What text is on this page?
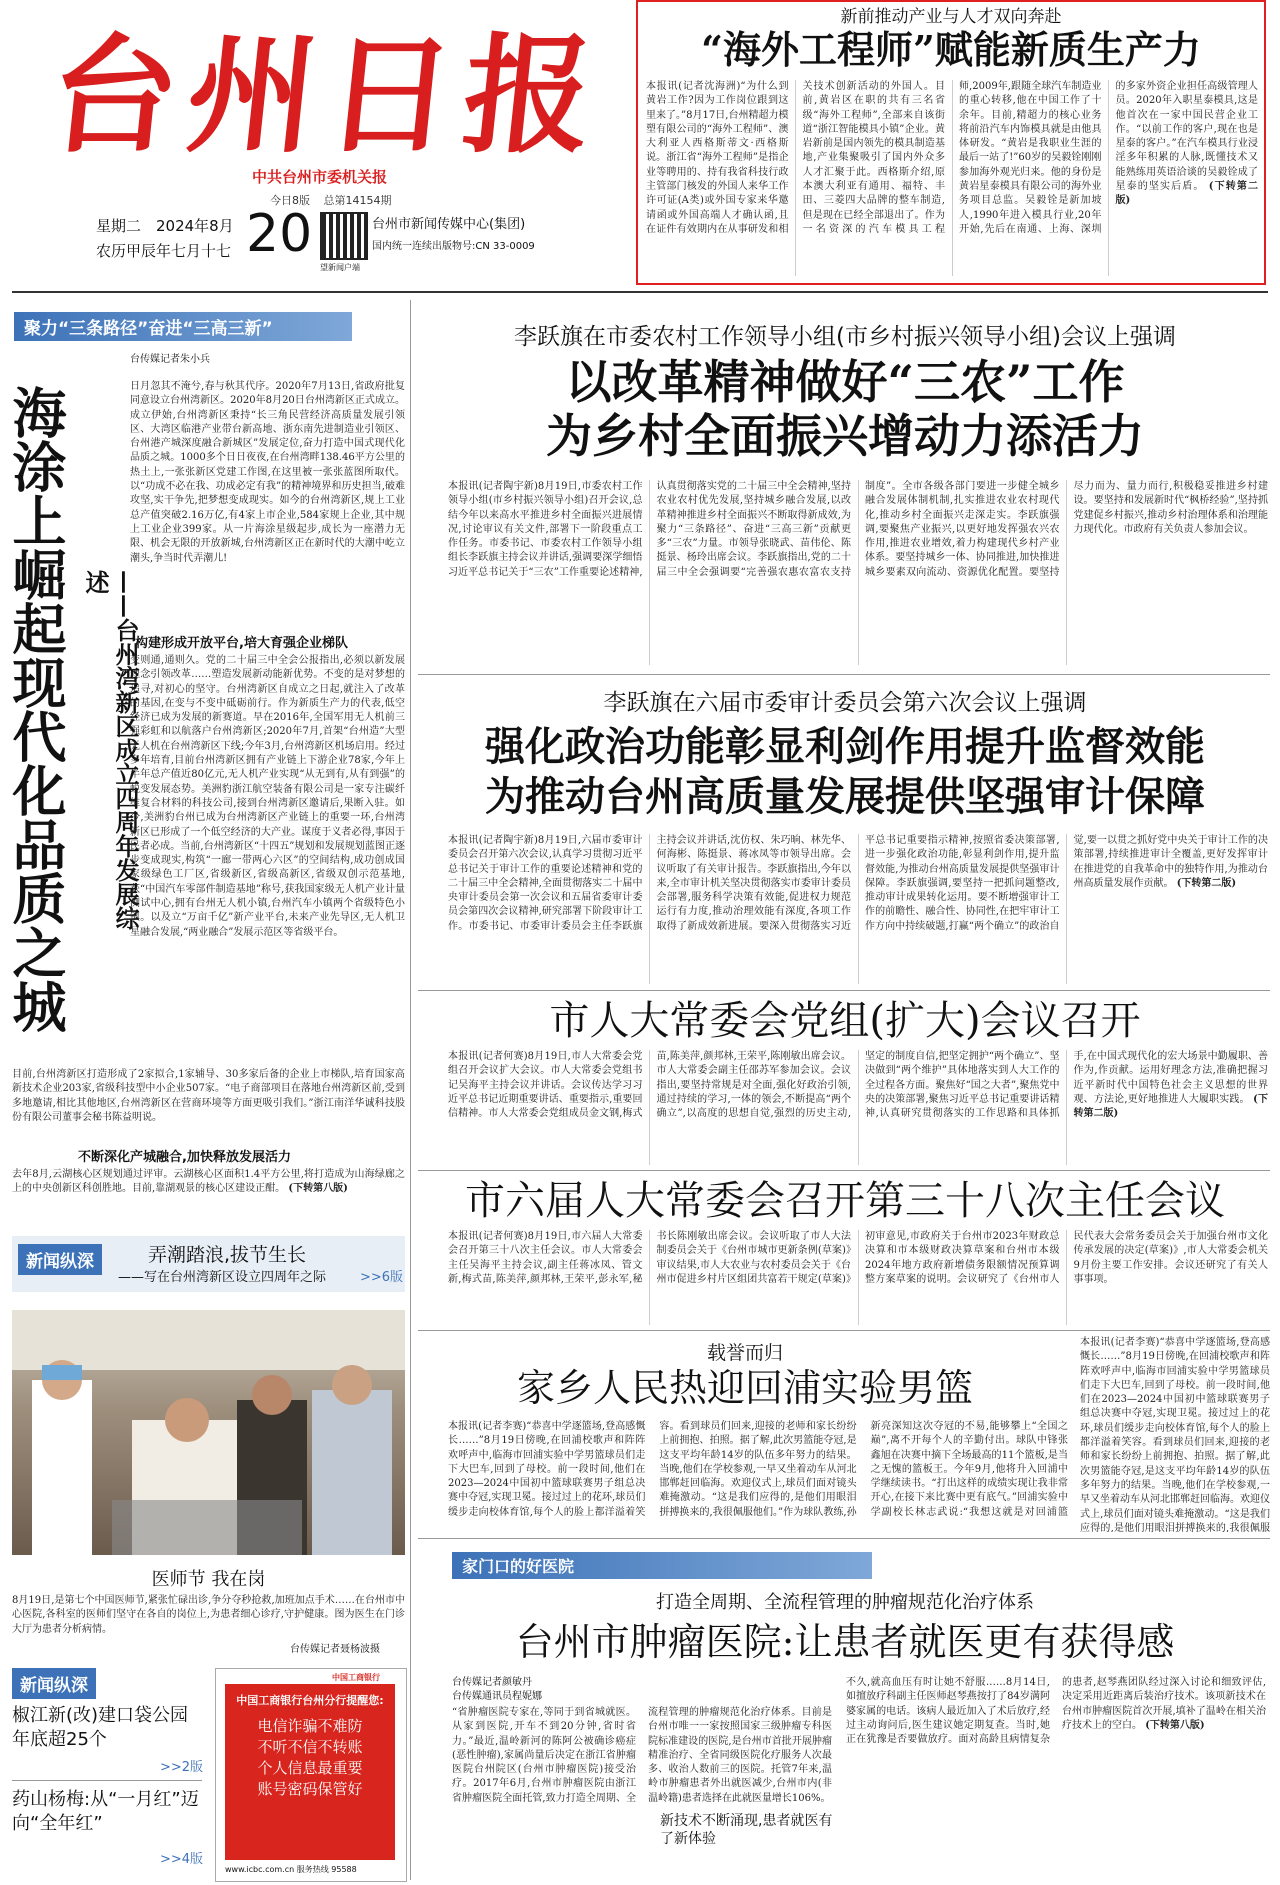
台州日报
中共台州市委机关报
今日8版 总第14154期
星期二　2024年8月
农历甲辰年七月十七 20
望新闻户端
台州市新闻传媒中心(集团)
国内统一连续出版物号:CN 33-0009
新前推动产业与人才双向奔赴
“海外工程师”赋能新质生产力
本报讯(记者沈海洲)“为什么到黄岩工作?因为工作岗位跟到这里来了。”8月17日,台州精超力模塑有限公司的“海外工程师”、澳大利亚人西格斯蒂文·西格斯说。浙江省“海外工程师”是指企业等聘用的、持有我省科技行政主管部门核发的外国人来华工作许可证(A类)或外国专家来华邀请函或外国高端人才确认函,且在证件有效期内在从事研发和相关技术创新活动的外国人。目前,黄岩区在职的共有三名省级“海外工程师”,全部来自该街道“浙江智能模具小镇”企业。黄岩新前是国内领先的模具制造基地,产业集聚吸引了国内外众多人才汇聚于此。西格斯介绍,原本澳大利亚有通用、福特、丰田、三菱四大品牌的整车制造,但是现在已经全部退出了。作为一名资深的汽车模具工程师,2009年,跟随全球汽车制造业的重心转移,他在中国工作了十余年。目前,精超力的核心业务将前沿汽车内饰模具就是由他具体研发。“黄岩是我职业生涯的最后一站了!”60岁的吴毅铨刚刚参加海外观光归来。他的身份是黄岩星泰模具有限公司的海外业务项目总监。吴毅铨是新加坡人,1990年进入模具行业,20年开始,先后在南通、上海、深圳的多家外资企业担任高级管理人员。2020年入职星泰模具,这是他首次在一家中国民营企业工作。“以前工作的客户,现在也是星泰的客户。”在汽车模具行业浸淫多年积累的人脉,既懂技术又能熟练用英语洽谈的吴毅铨成了星泰的坚实后盾。 (下转第二版)
聚力“三条路径”奋进“三高三新”
台传媒记者朱小兵
海涂上崛起现代化品质之城	——台州湾新区成立四周年发展综述
日月忽其不淹兮,春与秋其代序。2020年7月13日,省政府批复同意设立台州湾新区。2020年8月20日台州湾新区正式成立。成立伊始,台州湾新区秉持“长三角民营经济高质量发展引领区、大湾区临港产业带台新高地、浙东南先进制造业引领区、台州港产城深度融合新城区”发展定位,奋力打造中国式现代化品质之城。1000多个日日夜夜,在台州湾畔138.46平方公里的热土上,一张张新区党建工作图,在这里被一张张蓝图所取代。以“功成不必在我、功成必定有我”的精神境界和历史担当,破难攻坚,实干争先,把梦想变成现实。如今的台州湾新区,规上工业总产值突破2.16万亿,有4家上市企业,584家规上企业,其中规上工业企业399家。从一片海涂星级起步,成长为一座潜力无限、机会无限的开放新城,台州湾新区正在新时代的大潮中屹立潮头,争当时代弄潮儿!
构建形成开放平台,培大育强企业梯队
变则通,通则久。党的二十届三中全会公报指出,必须以新发展理念引领改革……塑造发展新动能新优势。不变的是对梦想的追寻,对初心的坚守。台州湾新区自成立之日起,就注入了改革的基因,在变与不变中砥砺前行。作为新质生产力的代表,低空经济已成为发展的新赛道。早在2016年,全国军用无人机前三强彩虹和以航落户台州湾新区;2020年7月,首架“台州造”大型无人机在台州湾新区下线;今年3月,台州湾新区机场启用。经过多年培育,目前台州湾新区拥有产业链上下游企业78家,今年上半年总产值近80亿元,无人机产业实现“从无到有,从有到强”的蜕变发展态势。美洲豹浙江航空装备有限公司是一家专注碳纤维复合材料的科技公司,接到台州湾新区邀请后,果断入驻。如今,美洲豹台州已成为台州湾新区产业链上的重要一环,台州湾新区已形成了一个低空经济的大产业。谋度于义者必得,事因于民者必成。当前,台州湾新区“十四五”规划和发展规划蓝图正逐步变成现实,构筑“一廊一带两心六区”的空间结构,成功创成国家级绿色工厂区,省级新区,省级高新区,省级双创示范基地,获“中国汽车零部件制造基地”称号,获我国家级无人机产业计量测试中心,拥有台州无人机小镇,台州汽车小镇两个省级特色小镇。以及立“万亩千亿”新产业平台,未来产业先导区,无人机卫星融合发展,“两业融合”发展示范区等省级平台。
目前,台州湾新区打造形成了2家拟合,1家辅导、30多家后备的企业上市梯队,培育国家高新技术企业203家,省级科技型中小企业507家。“电子商部项目在落地台州湾新区前,受到多地邀请,相比其他地区,台州湾新区在营商环境等方面更吸引我们。”浙江南洋华诚科技股份有限公司董事会秘书陈益明说。
不断深化产城融合,加快释放发展活力
去年8月,云湖核心区规划通过评审。云湖核心区面积1.4平方公里,将打造成为山海绿廊之上的中央创新区科创胜地。目前,靠湖观景的核心区建设正酣。 (下转第八版)
新闻纵深	弄潮踏浪,拔节生长
——写在台州湾新区设立四周年之际	>>6版
医师节 我在岗
8月19日,是第七个中国医师节,紧张忙碌出诊,争分夺秒抢救,加班加点手术……在台州市中心医院,各科室的医师们坚守在各自的岗位上,为患者细心诊疗,守护健康。图为医生在门诊大厅为患者分析病情。
台传媒记者聂杨波摄
新闻纵深
椒江新(改)建口袋公园年底超25个
>>2版
药山杨梅:从“一月红”迈向“全年红”
>>4版
中国工商银行
中国工商银行台州分行提醒您:
电信诈骗不难防
不听不信不转账
个人信息最重要
账号密码保管好
www.icbc.com.cn 服务热线 95588
李跃旗在市委农村工作领导小组(市乡村振兴领导小组)会议上强调
以改革精神做好“三农”工作
为乡村全面振兴增动力添活力
本报讯(记者陶宇新)8月19日,市委农村工作领导小组(市乡村振兴领导小组)召开会议,总结今年以来高水平推进乡村全面振兴进展情况,讨论审议有关文件,部署下一阶段重点工作任务。市委书记、市委农村工作领导小组组长李跃旗主持会议并讲话,强调要深学细悟习近平总书记关于“三农”工作重要论述精神,认真贯彻落实党的二十届三中全会精神,坚持农业农村优先发展,坚持城乡融合发展,以改革精神推进乡村全面振兴不断取得新成效,为聚力“三条路径”、奋进“三高三新”贡献更多“三农”力量。市领导张晓武、苗伟伦、陈挺景、杨玲出席会议。李跃旗指出,党的二十届三中全会强调要“完善强农惠农富农支持制度”。全市各级各部门要进一步健全城乡融合发展体制机制,扎实推进农业农村现代化,推动乡村全面振兴走深走实。李跃旗强调,要聚焦产业振兴,以更好地发挥强农兴农作用,推进农业增效,着力构建现代乡村产业体系。要坚持城乡一体、协同推进,加快推进城乡要素双向流动、资源优化配置。要坚持尽力而为、量力而行,积极稳妥推进乡村建设。要坚持和发展新时代“枫桥经验”,坚持抓党建促乡村振兴,推动乡村治理体系和治理能力现代化。市政府有关负责人参加会议。
李跃旗在六届市委审计委员会第六次会议上强调
强化政治功能彰显利剑作用提升监督效能
为推动台州高质量发展提供坚强审计保障
本报讯(记者陶宇新)8月19日,六届市委审计委员会召开第六次会议,认真学习贯彻习近平总书记关于审计工作的重要论述精神和党的二十届三中全会精神,全面贯彻落实二十届中央审计委员会第一次会议和五届省委审计委员会第四次会议精神,研究部署下阶段审计工作。市委书记、市委审计委员会主任李跃旗主持会议并讲话,沈仿权、朱巧晌、林先华、何海彬、陈挺景、蒋冰凤等市领导出席。会议听取了有关审计报告。李跃旗指出,今年以来,全市审计机关坚决贯彻落实市委审计委员会部署,服务科学决策有效能,促进权力规范运行有力度,推动治理效能有深度,各项工作取得了新成效新进展。要深入贯彻落实习近平总书记重要指示精神,按照省委决策部署,进一步强化政治功能,彰显利剑作用,提升监督效能,为推动台州高质量发展提供坚强审计保障。李跃旗强调,要坚持一把抓问题整改,推动审计成果转化运用。要不断增强审计工作的前瞻性、融合性、协同性,在把牢审计工作方向中持续破题,打赢“两个确立”的政治自觉,要一以贯之抓好党中央关于审计工作的决策部署,持续推进审计全覆盖,更好发挥审计在推进党的自我革命中的独特作用,为推动台州高质量发展作贡献。 (下转第二版)
市人大常委会党组(扩大)会议召开
本报讯(记者何赛)8月19日,市人大常委会党组召开会议扩大会议。市人大常委会党组书记吴海平主持会议并讲话。会议传达学习习近平总书记近期重要讲话、重要指示,重要回信精神。市人大常委会党组成员金文钢,梅式苗,陈美萍,颜邦林,王荣平,陈刚敏出席会议。市人大常委会副主任邵苏军参加会议。会议指出,要坚持常规是对全面,强化好政治引领,通过持续的学习,一体的领会,不断提高“两个确立”,以高度的思想自觉,强烈的历史主动,坚定的制度自信,把坚定拥护“两个确立”、坚决做到“两个维护”具体地落实到人大工作的全过程各方面。聚焦好“国之大者”,聚焦党中央的决策部署,聚焦习近平总书记重要讲话精神,认真研究贯彻落实的工作思路和具体抓手,在中国式现代化的宏大场景中勤履职、善作为,作贡献。运用好理念方法,准确把握习近平新时代中国特色社会主义思想的世界观、方法论,更好地推进人大履职实践。 (下转第二版)
市六届人大常委会召开第三十八次主任会议
本报讯(记者何赛)8月19日,市六届人大常委会召开第三十八次主任会议。市人大常委会主任吴海平主持会议,副主任蒋冰凤、管文新,梅式苗,陈美萍,颜邦林,王荣平,彭永军,秘书长陈刚敏出席会议。会议听取了市人大法制委员会关于《台州市城市更新条例(草案)》审议结果,市人大农业与农村委员会关于《台州市促进乡村片区组团共富若干规定(草案)》初审意见,市政府关于台州市2023年财政总决算和市本级财政决算草案和台州市本级2024年地方政府新增债务限额情况预算调整方案草案的说明。会议研究了《台州市人民代表大会常务委员会关于加强台州市文化传承发展的决定(草案)》,市人大常委会机关9月份主要工作安排。会议还研究了有关人事事项。
载誉而归
家乡人民热迎回浦实验男篮
本报讯(记者李赛)“恭喜中学逐篮场,登高感慨长……”8月19日傍晚,在回浦校歌声和阵阵欢呼声中,临海市回浦实验中学男篮球员们走下大巴车,回到了母校。前一段时间,他们在2023—2024中国初中篮球联赛男子组总决赛中夺冠,实现卫冕。接过过上的花环,球员们缓步走向校体育馆,每个人的脸上都洋溢着笑容。看到球员们回来,迎接的老师和家长纷纷上前拥抱、拍照。据了解,此次男篮能夺冠,是这支平均年龄14岁的队伍多年努力的结果。当晚,他们在学校参观,一早又坐着动车从河北邯郸赶回临海。欢迎仪式上,球员们面对镜头难掩激动。“这是我们应得的,是他们用眼泪拼搏换来的,我很佩服他们。”作为球队教练,孙新亮深知这次夺冠的不易,能够攀上“全国之巅”,离不开每个人的辛勤付出。球队中锋张鑫旭在决赛中摘下全场最高的11个篮板,是当之无愧的篮板王。今年9月,他将升入回浦中学继续读书。“打出这样的成绩实现让我非常开心,在接下来比赛中更有底气。”回浦实验中学副校长林志武说:“我想这就是对回浦篮
本报讯(记者李赛)“恭喜中学逐篮场,登高感慨长……”8月19日傍晚,在回浦校歌声和阵阵欢呼声中,临海市回浦实验中学男篮球员们走下大巴车,回到了母校。前一段时间,他们在2023—2024中国初中篮球联赛男子组总决赛中夺冠,实现卫冕。接过过上的花环,球员们缓步走向校体育馆,每个人的脸上都洋溢着笑容。看到球员们回来,迎接的老师和家长纷纷上前拥抱、拍照。据了解,此次男篮能夺冠,是这支平均年龄14岁的队伍多年努力的结果。当晚,他们在学校参观,一早又坐着动车从河北邯郸赶回临海。欢迎仪式上,球员们面对镜头难掩激动。“这是我们应得的,是他们用眼泪拼搏换来的,我很佩服
家门口的好医院
打造全周期、全流程管理的肿瘤规范化治疗体系
台州市肿瘤医院:让患者就医更有获得感
台传媒记者颜敏丹
台传媒通讯员程妮娜
“省肿瘤医院专家在,等同于到省城就医。从家到医院,开车不到20分钟,省时省力。”最近,温岭新河的陈阿公被确诊癌症(恶性肿瘤),家属尚量后决定在浙江省肿瘤医院台州院区(台州市肿瘤医院)接受治疗。2017年6月,台州市肿瘤医院由浙江省肿瘤医院全面托管,致力打造全周期、全流程管理的肿瘤规范化治疗体系。目前是台州市唯一一家按照国家三级肿瘤专科医院标准建设的医院,是台州市首批开展肿瘤精准治疗、全省同级医院化疗服务人次最多、收治人数前三的医院。托管7年来,温岭市肿瘤患者外出就医减少,台州市内(非温岭籍)患者选择在此就医量增长106%。
新技术不断涌现,患者就医有了新体验
不久,就高血压有时让她不舒服……8月14日,如擅放疗科副主任医师赵琴燕按打了84岁满阿婆家属的电话。该病人最近加入了术后放疗,经过主动询问后,医生建议她定期复查。当时,她正在犹豫是否要做放疗。面对高龄且病情复杂的患者,赵琴燕团队经过深入讨论和细致评估,决定采用近距离后装治疗技术。该项新技术在台州市肿瘤医院首次开展,填补了温岭在相关治疗技术上的空白。 (下转第八版)
